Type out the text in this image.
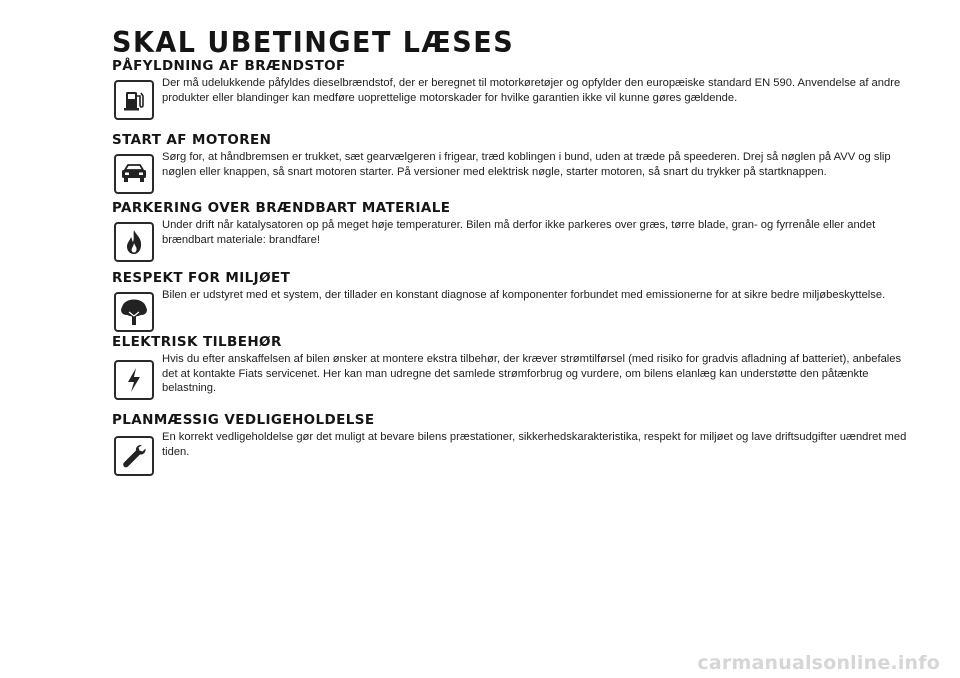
SKAL UBETINGET LÆSES
PÅFYLDNING AF BRÆNDSTOF

Der må udelukkende påfyldes dieselbrændstof, der er beregnet til motorkøretøjer og opfylder den europæiske standard EN 590. Anvendelse af andre produkter eller blandinger kan medføre uoprettelige motorskader for hvilke garantien ikke vil kunne gøres gældende.

START AF MOTOREN

Sørg for, at håndbremsen er trukket, sæt gearvælgeren i frigear, træd koblingen i bund, uden at træde på speederen. Drej så nøglen på AVV og slip nøglen eller knappen, så snart motoren starter. På versioner med elektrisk nøgle, starter motoren, så snart du trykker på startknappen.

PARKERING OVER BRÆNDBART MATERIALE

Under drift når katalysatoren op på meget høje temperaturer. Bilen må derfor ikke parkeres over græs, tørre blade, gran- og fyrrenåle eller andet brændbart materiale: brandfare!

RESPEKT FOR MILJØET

Bilen er udstyret med et system, der tillader en konstant diagnose af komponenter forbundet med emissionerne for at sikre bedre miljøbeskyttelse.

ELEKTRISK TILBEHØR

Hvis du efter anskaffelsen af bilen ønsker at montere ekstra tilbehør, der kræver strømtilførsel (med risiko for gradvis afladning af batteriet), anbefales det at kontakte Fiats servicenet. Her kan man udregne det samlede strømforbrug og vurdere, om bilens elanlæg kan understøtte den påtænkte belastning.

PLANMÆSSIG VEDLIGEHOLDELSE

En korrekt vedligeholdelse gør det muligt at bevare bilens præstationer, sikkerhedskarakteristika, respekt for miljøet og lave driftsudgifter uændret med tiden.

carmanualsonline.info
